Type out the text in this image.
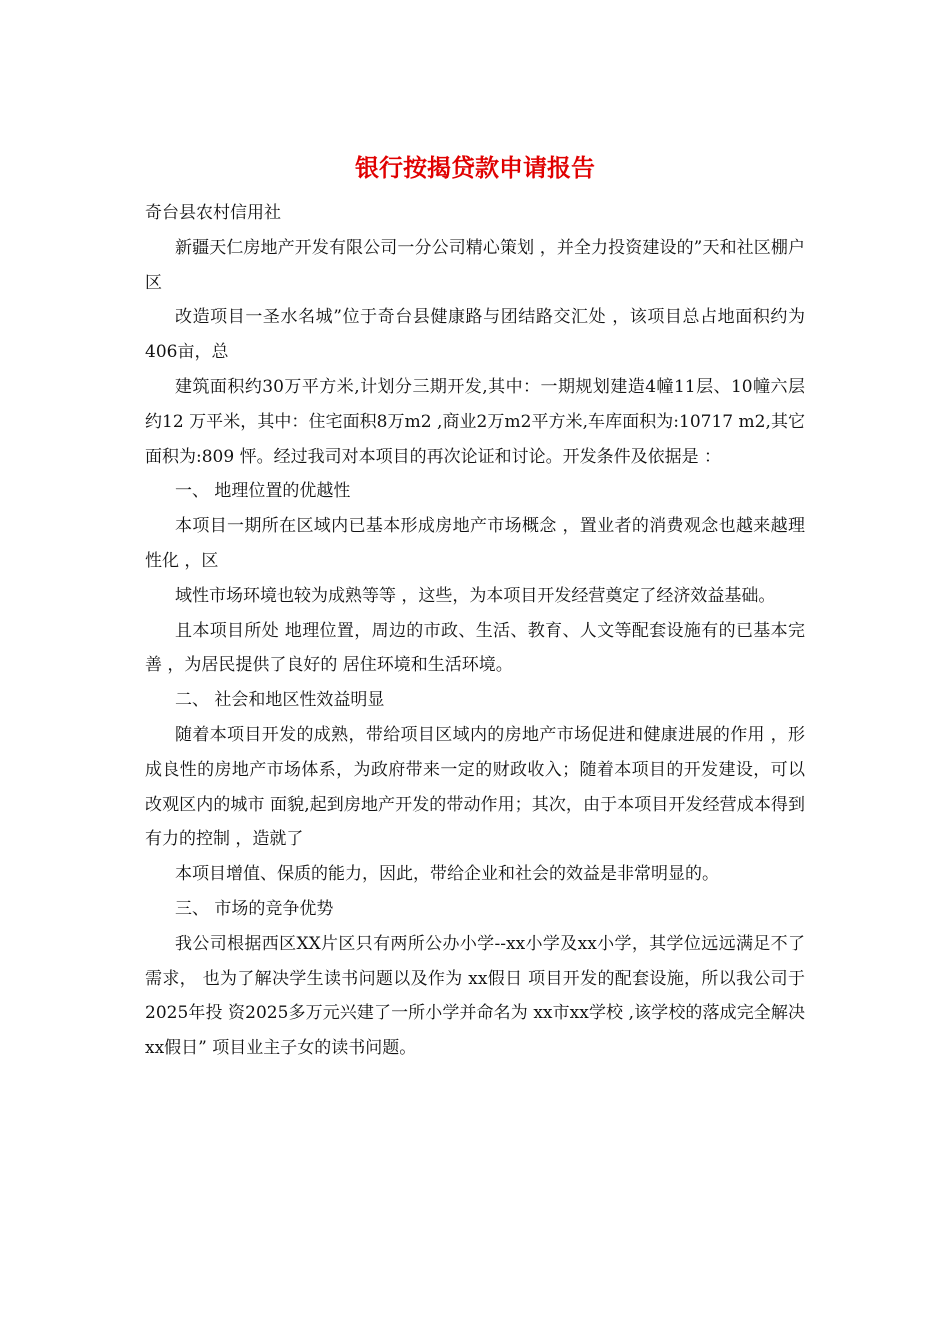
银行按揭贷款申请报告

奇台县农村信用社

新疆天仁房地产开发有限公司一分公司精心策划 ，并全力投资建设的”天和社区棚户区

改造项目一圣水名城”位于奇台县健康路与团结路交汇处 ，该项目总占地面积约为 406亩，总

建筑面积约30万平方米,计划分三期开发,其中：一期规划建造4幢11层、10幢六层约12 万平米，其中：住宅面积8万m2 ,商业2万m2平方米,车库面积为:10717 m2,其它面积为:809 怦。经过我司对本项目的再次论证和讨论。开发条件及依据是 ：

一、 地理位置的优越性

本项目一期所在区域内已基本形成房地产市场概念 ，置业者的消费观念也越来越理性化 ，区

域性市场环境也较为成熟等等 ，这些，为本项目开发经营奠定了经济效益基础。

且本项目所处 地理位置，周边的市政、生活、教育、人文等配套设施有的已基本完善 ，为居民提供了良好的 居住环境和生活环境。

二、 社会和地区性效益明显

随着本项目开发的成熟，带给项目区域内的房地产市场促进和健康进展的作用 ，形成良性的房地产市场体系，为政府带来一定的财政收入；随着本项目的开发建设，可以改观区内的城市 面貌,起到房地产开发的带动作用；其次，由于本项目开发经营成本得到有力的控制 ，造就了

本项目增值、保质的能力，因此，带给企业和社会的效益是非常明显的。

三、 市场的竞争优势

我公司根据西区XX片区只有两所公办小学--xx小学及xx小学，其学位远远满足不了需求， 也为了解决学生读书问题以及作为 xx假日 项目开发的配套设施，所以我公司于2025年投 资2025多万元兴建了一所小学并命名为 xx市xx学校 ,该学校的落成完全解决 xx假日” 项目业主子女的读书问题。
